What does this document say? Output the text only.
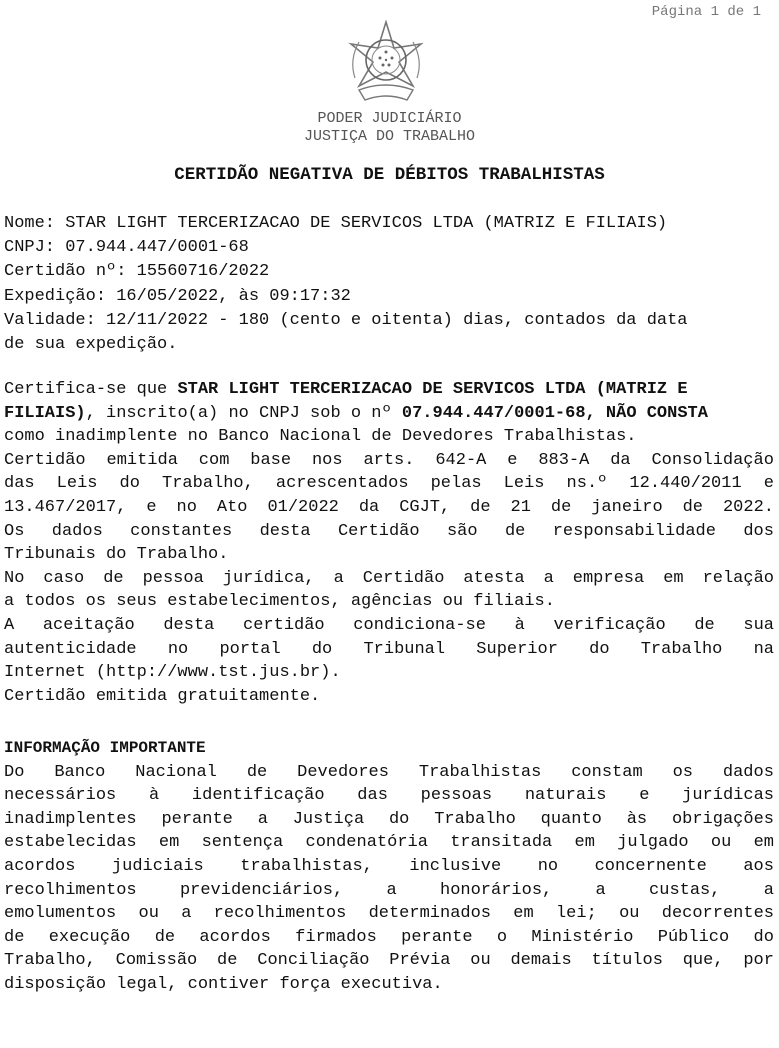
Página 1 de 1
PODER JUDICIÁRIO
JUSTIÇA DO TRABALHO
CERTIDÃO NEGATIVA DE DÉBITOS TRABALHISTAS
Nome: STAR LIGHT TERCERIZACAO DE SERVICOS LTDA (MATRIZ E FILIAIS)
CNPJ: 07.944.447/0001-68
Certidão nº: 15560716/2022
Expedição: 16/05/2022, às 09:17:32
Validade: 12/11/2022 - 180 (cento e oitenta) dias, contados da data
de sua expedição.
Certifica-se que STAR LIGHT TERCERIZACAO DE SERVICOS LTDA (MATRIZ E
FILIAIS), inscrito(a) no CNPJ sob o nº 07.944.447/0001-68, NÃO CONSTA
como inadimplente no Banco Nacional de Devedores Trabalhistas.
Certidão emitida com base nos arts. 642-A e 883-A da Consolidação
das Leis do Trabalho, acrescentados pelas Leis ns.º 12.440/2011 e
13.467/2017, e no Ato 01/2022 da CGJT, de 21 de janeiro de 2022.
Os dados constantes desta Certidão são de responsabilidade dos
Tribunais do Trabalho.
No caso de pessoa jurídica, a Certidão atesta a empresa em relação
a todos os seus estabelecimentos, agências ou filiais.
A aceitação desta certidão condiciona-se à verificação de sua
autenticidade no portal do Tribunal Superior do Trabalho na
Internet (http://www.tst.jus.br).
Certidão emitida gratuitamente.
INFORMAÇÃO IMPORTANTE
Do Banco Nacional de Devedores Trabalhistas constam os dados
necessários à identificação das pessoas naturais e jurídicas
inadimplentes perante a Justiça do Trabalho quanto às obrigações
estabelecidas em sentença condenatória transitada em julgado ou em
acordos judiciais trabalhistas, inclusive no concernente aos
recolhimentos	previdenciários,	a	honorários,	a	custas,	a
emolumentos ou a recolhimentos determinados em lei; ou decorrentes
de execução de acordos firmados perante o Ministério Público do
Trabalho, Comissão de Conciliação Prévia ou demais títulos que, por
disposição legal, contiver força executiva.
